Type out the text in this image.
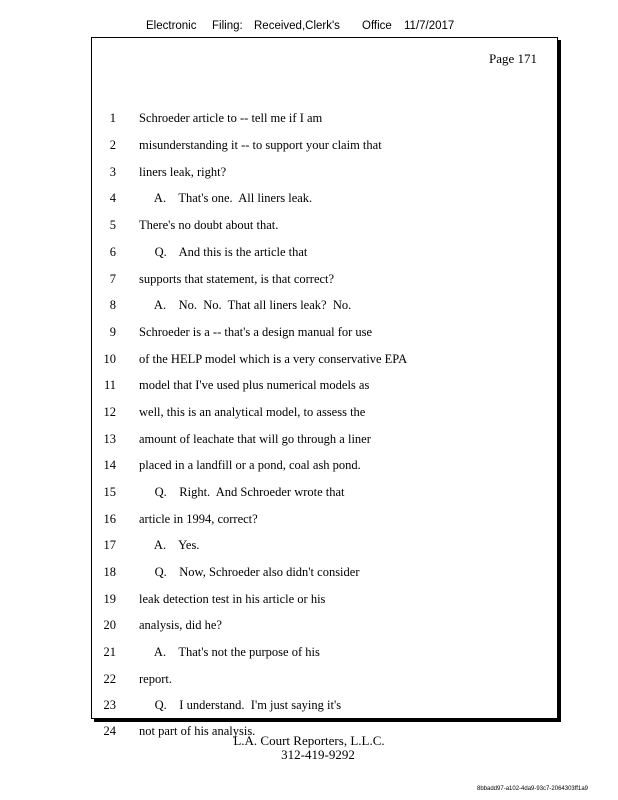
Electronic Filing: Received,Clerk's Office 11/7/2017
Page 171
1 Schroeder article to -- tell me if I am
2 misunderstanding it -- to support your claim that
3 liners leak, right?
4 A.    That's one.  All liners leak.
5 There's no doubt about that.
6 Q.    And this is the article that
7 supports that statement, is that correct?
8 A.    No.  No.  That all liners leak?  No.
9 Schroeder is a -- that's a design manual for use
10 of the HELP model which is a very conservative EPA
11 model that I've used plus numerical models as
12 well, this is an analytical model, to assess the
13 amount of leachate that will go through a liner
14 placed in a landfill or a pond, coal ash pond.
15 Q.    Right.  And Schroeder wrote that
16 article in 1994, correct?
17 A.    Yes.
18 Q.    Now, Schroeder also didn't consider
19 leak detection test in his article or his
20 analysis, did he?
21 A.    That's not the purpose of his
22 report.
23 Q.    I understand.  I'm just saying it's
24 not part of his analysis.
L.A. Court Reporters, L.L.C.
312-419-9292
8bbadd97-a102-4da9-93c7-2064303ff1a9
